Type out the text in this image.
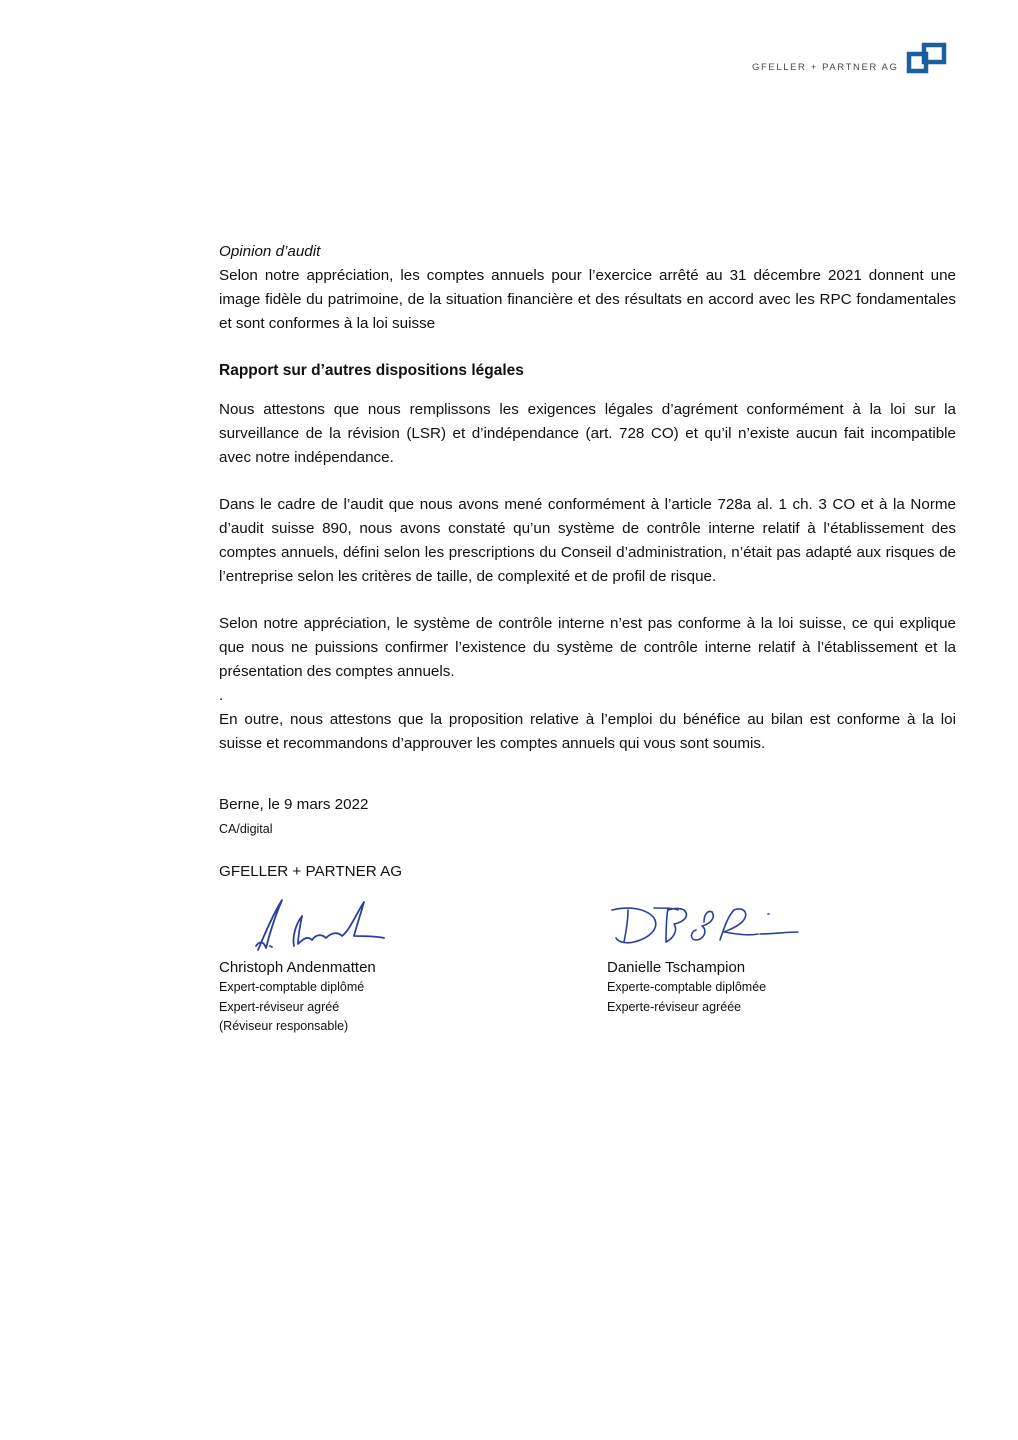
GFELLER + PARTNER AG

Opinion d’audit

Selon notre appréciation, les comptes annuels pour l’exercice arrêté au 31 décembre 2021 donnent une image fidèle du patrimoine, de la situation financière et des résultats en accord avec les RPC fondamentales et sont conformes à la loi suisse

Rapport sur d’autres dispositions légales

Nous attestons que nous remplissons les exigences légales d’agrément conformément à la loi sur la surveillance de la révision (LSR) et d’indépendance (art. 728 CO) et qu’il n’existe aucun fait incompatible avec notre indépendance.

Dans le cadre de l’audit que nous avons mené conformément à l’article 728a al. 1 ch. 3 CO et à la Norme d’audit suisse 890, nous avons constaté qu’un système de contrôle interne relatif à l’établissement des comptes annuels, défini selon les prescriptions du Conseil d’administration, n’était pas adapté aux risques de l’entreprise selon les critères de taille, de complexité et de profil de risque.

Selon notre appréciation, le système de contrôle interne n’est pas conforme à la loi suisse, ce qui explique que nous ne puissions confirmer l’existence du système de contrôle interne relatif à l’établissement et la présentation des comptes annuels.

.

En outre, nous attestons que la proposition relative à l’emploi du bénéfice au bilan est conforme à la loi suisse et recommandons d’approuver les comptes annuels qui vous sont soumis.

Berne, le 9 mars 2022
CA/digital
GFELLER + PARTNER AG
Christoph Andenmatten
Expert-comptable diplômé
Expert-réviseur agréé
(Réviseur responsable)
Danielle Tschampion
Experte-comptable diplômée
Experte-réviseur agréée
